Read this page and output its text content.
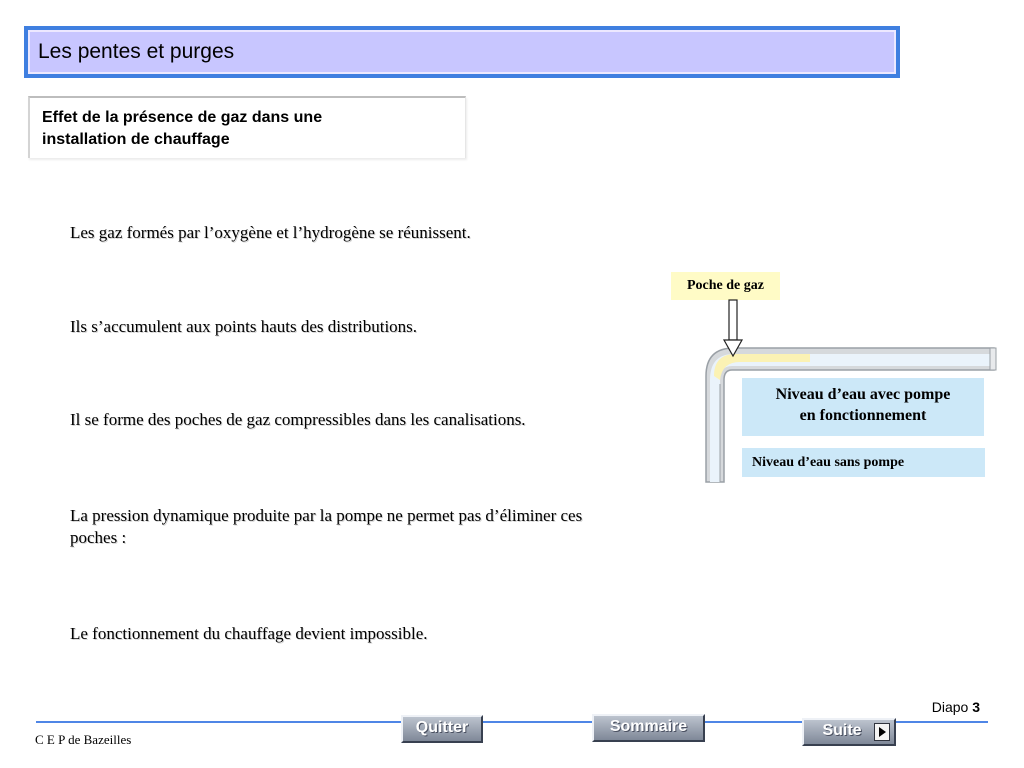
Les pentes et purges
Effet de la présence de gaz dans une
installation de chauffage
Les gaz formés par l’oxygène et l’hydrogène se réunissent.
Ils s’accumulent aux points hauts des distributions.
Il se forme des poches de gaz compressibles dans les canalisations.
La pression dynamique produite par la pompe ne permet pas d’éliminer ces
poches :
Le fonctionnement du chauffage devient impossible.
Poche de gaz
Niveau d’eau avec pompe
en fonctionnement
Niveau d’eau sans pompe
Diapo 3
C E P de Bazeilles
Quitter	Sommaire	Suite
